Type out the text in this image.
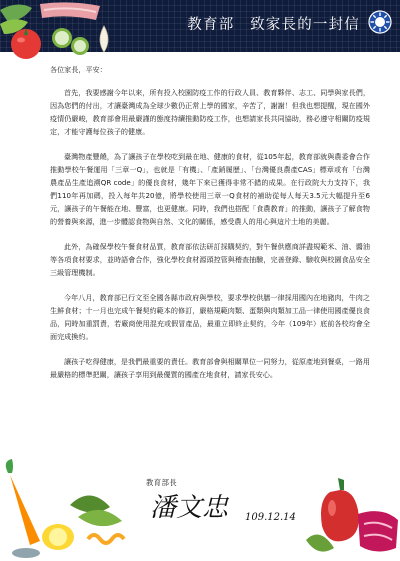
教育部　致家長的一封信

各位家長，平安：

首先，我要感謝今年以來，所有投入校園防疫工作的行政人員、教育夥伴、志工、同學與家長們，因為您們的付出，才讓臺灣成為全球少數仍正常上學的國家，辛苦了，謝謝！但我也想提醒，現在國外疫情仍嚴峻，教育部會用最嚴謹的態度持續推動防疫工作，也想請家長共同協助，務必遵守相關防疫規定，才能守護每位孩子的健康。

臺灣物產豐饒，為了讓孩子在學校吃到最在地、健康的食材，從105年起，教育部就與農委會合作推動學校午餐運用「三章一Q」，也就是「有機」、「產銷履歷」、「台灣優良農產CAS」標章或有「台灣農產品生產追溯QR code」的優良食材，幾年下來已獲得非常不錯的成果。在行政院大力支持下，我們110年再加碼，投入每年共20億，將學校使用三章一Q食材的補助從每人每天3.5元大幅提升至6元，讓孩子的午餐能在地、豐富，也更健康。同時，我們也搭配「食農教育」的推動，讓孩子了解食物的營養與來源，進一步體認食物與自然、文化的關係，感受農人的用心與這片土地的美麗。

此外，為確保學校午餐食材品質，教育部依法研訂採購契約，對午餐供應商詳盡規範米、油、醬油等各項食材要求，並時語會合作，強化學校食材源頭控管與稽查抽驗，完善登錄、驗收與校園食品安全三級管理機制。

今年八月，教育部已行文至全國各縣市政府與學校，要求學校供膳一律採用國內在地豬肉，牛肉之生鮮食材；十一月也完成午餐契約範本的修訂，嚴格規範肉類、蛋類與肉類加工品一律使用國產優良食品，同時加重罰責，若廠商使用混充或假冒產品，最重立即終止契約，今年（109年）底前各校均會全面完成換約。

讓孩子吃得健康，是我們最重要的責任。教育部會與相關單位一同努力，從原產地到餐桌，一路用最嚴格的標準把關，讓孩子享用到最優質的國產在地食材，請家長安心。

教育部長
潘文忠 109.12.14
